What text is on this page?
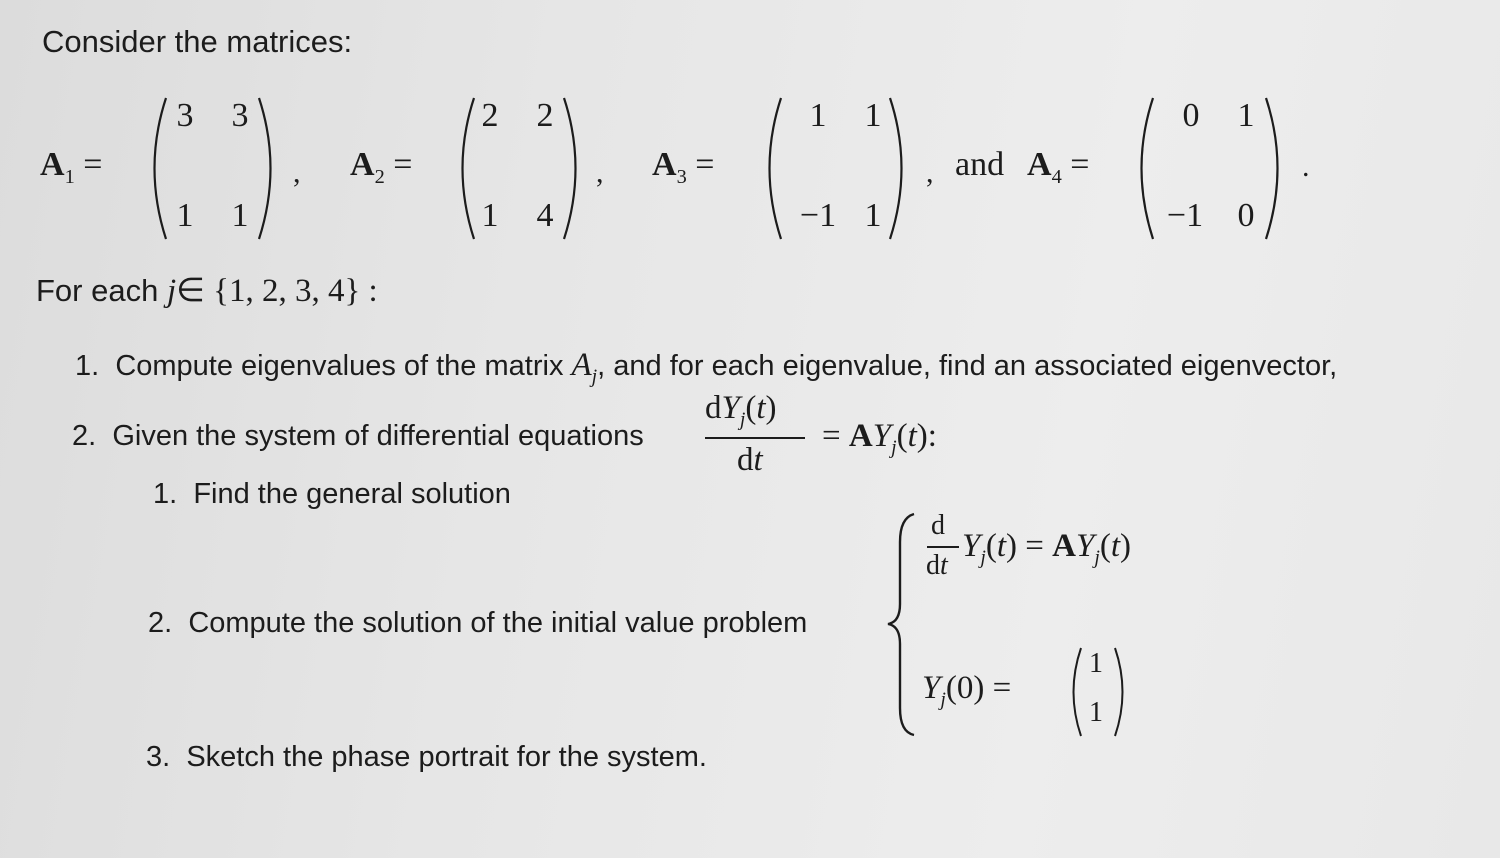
Consider the matrices:
$A_1$ =
3	3
1	1
, $A_2$ =
2	2
1	4
, $A_3$ =
1	1
−1 1
, and $A_4$ =
0	1
−1	0
.
For each j∈ {1, 2, 3, 4} :
1. Compute eigenvalues of the matrix $A_j$, and for each eigenvalue, find an associated eigenvector,
2. Given the system of differential equations
$dY_j(t)$
dt
= $AY_j(t)$:
1. Find the general solution
2. Compute the solution of the initial value problem
d
dt
$Y_j(t) = AY_j(t)$
$Y_j(0)$ =
1
1
3. Sketch the phase portrait for the system.
